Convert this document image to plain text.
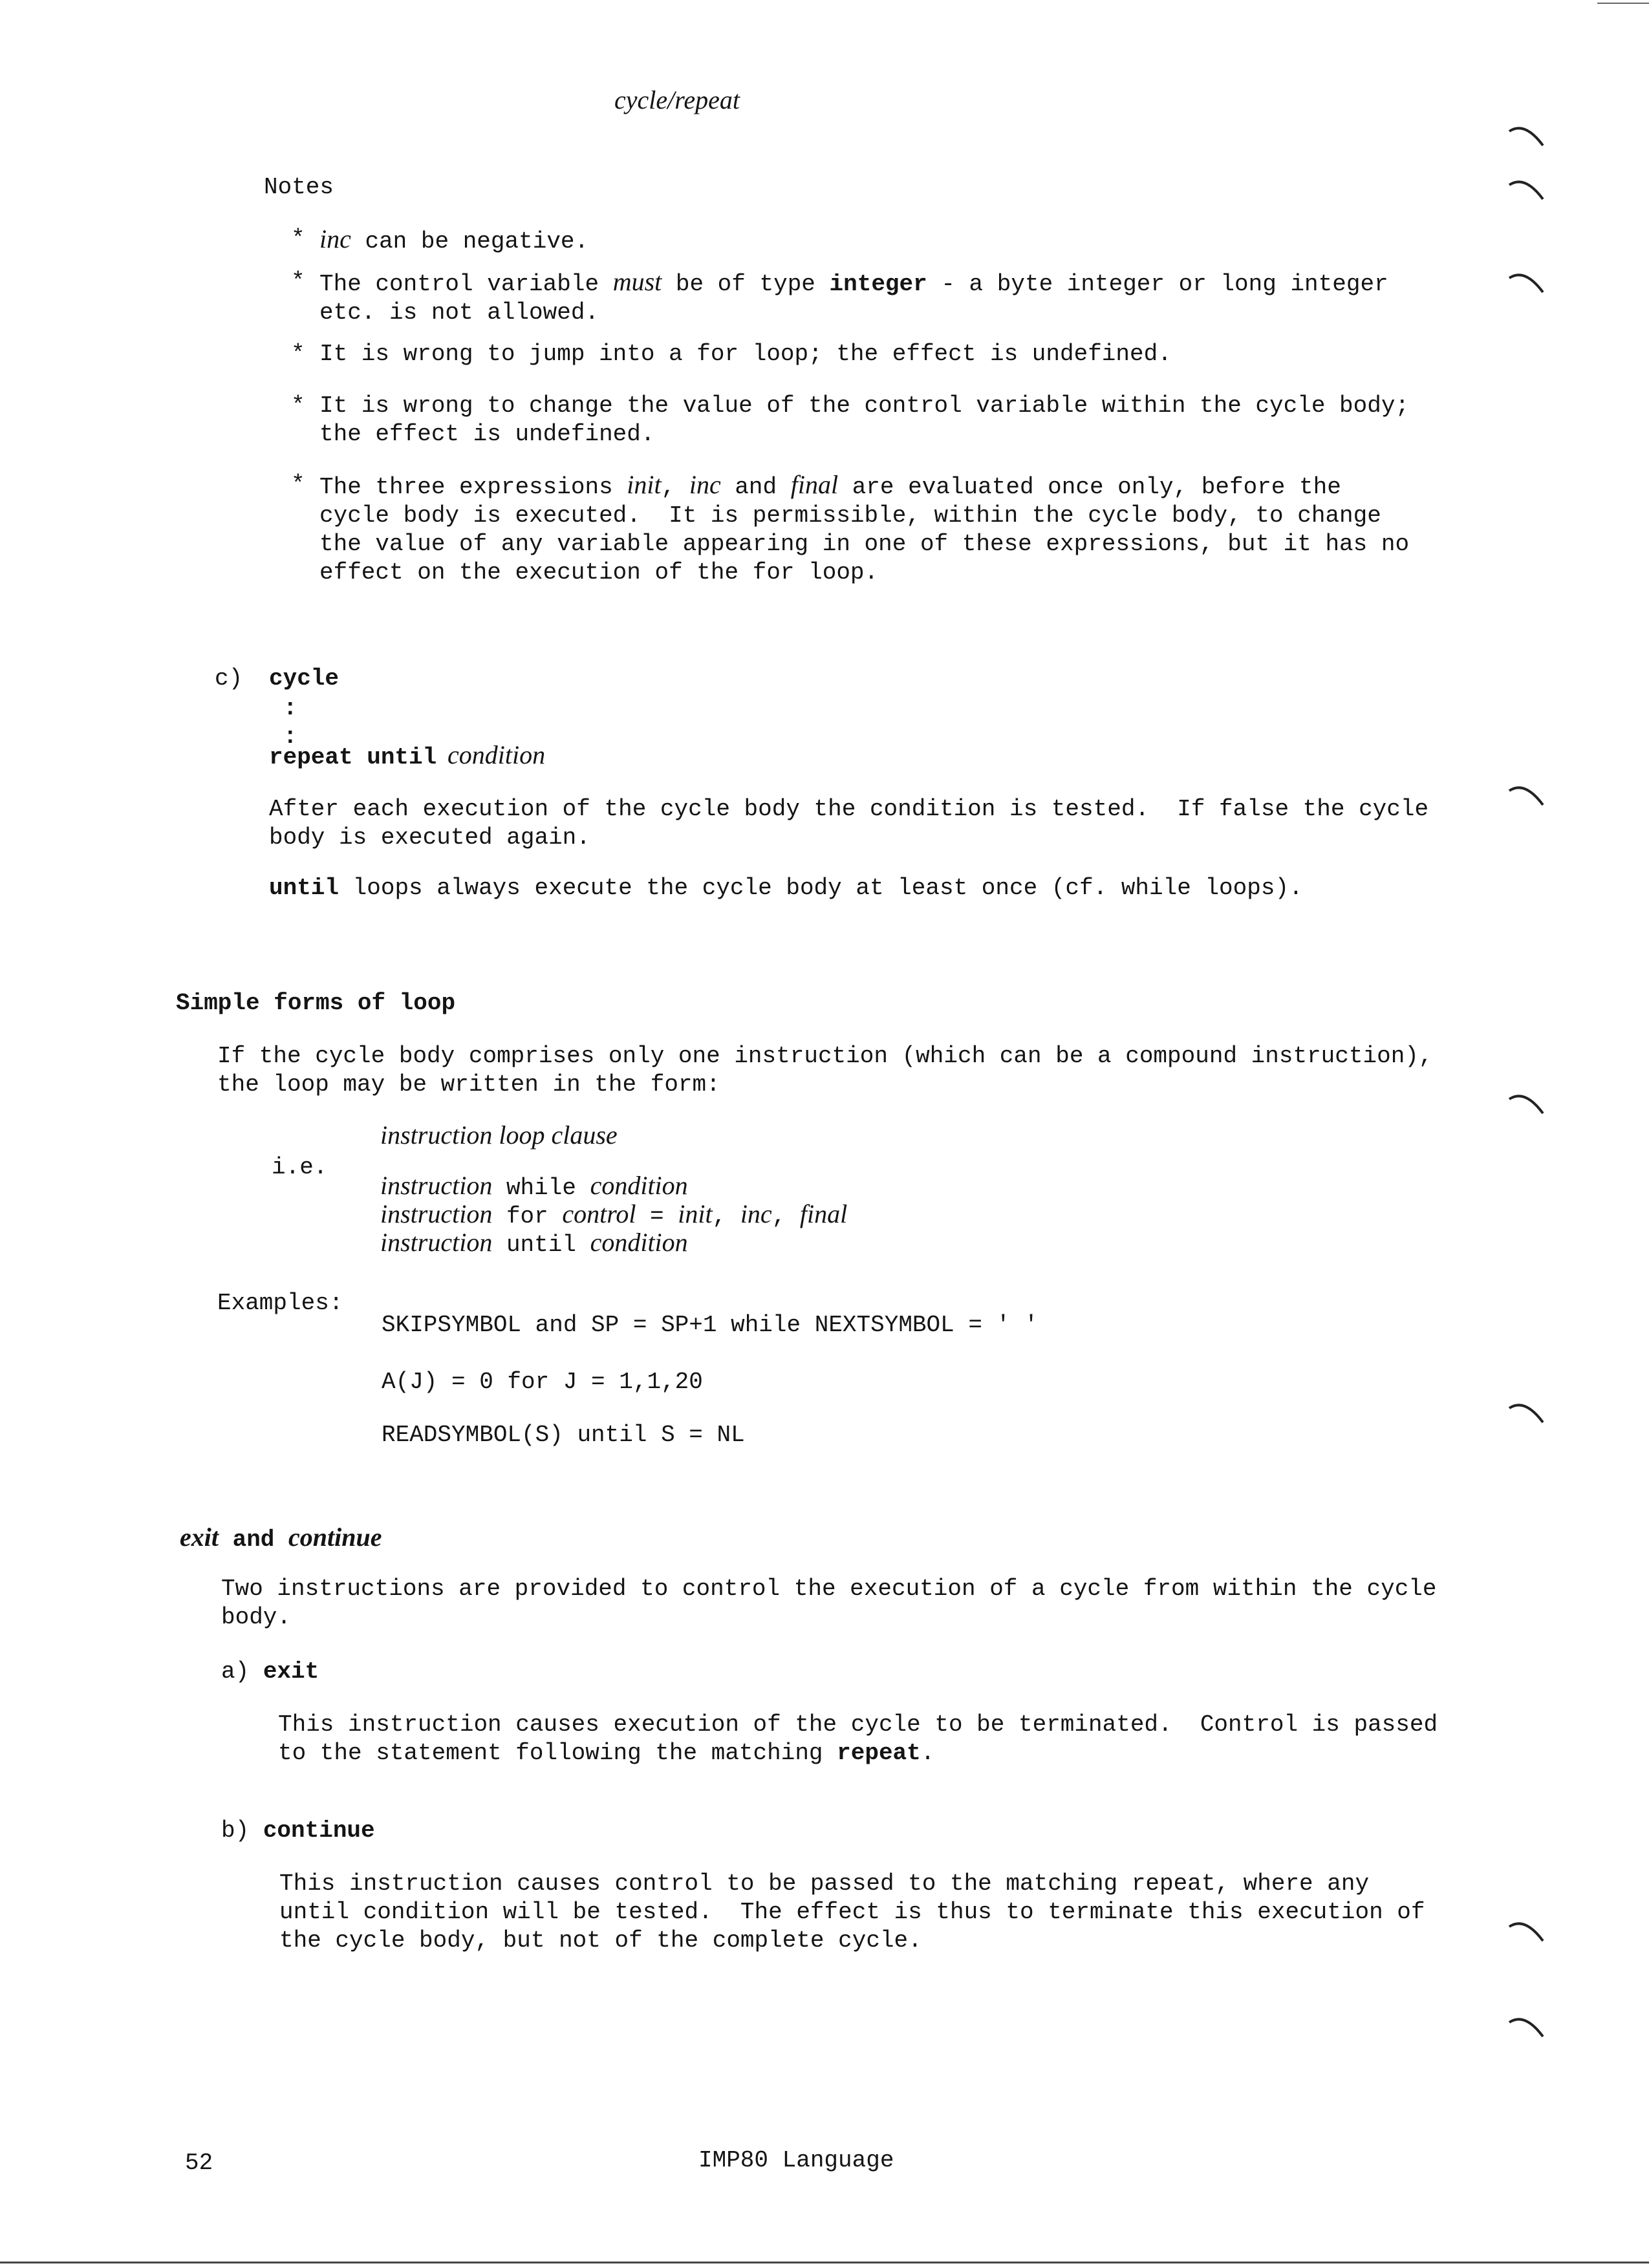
cycle/repeat
Notes
* inc can be negative.
* The control variable must be of type integer - a byte integer or long integer
etc. is not allowed.
* It is wrong to jump into a for loop; the effect is undefined.
* It is wrong to change the value of the control variable within the cycle body;
the effect is undefined.
* The three expressions init, inc and final are evaluated once only, before the
cycle body is executed.  It is permissible, within the cycle body, to change
the value of any variable appearing in one of these expressions, but it has no
effect on the execution of the for loop.
c) cycle
:
:
repeat until condition
After each execution of the cycle body the condition is tested.  If false the cycle
body is executed again.
until loops always execute the cycle body at least once (cf. while loops).
Simple forms of loop
If the cycle body comprises only one instruction (which can be a compound instruction),
the loop may be written in the form:
instruction loop clause
i.e.
instruction while condition
instruction for control = init, inc, final
instruction until condition
Examples:
SKIPSYMBOL and SP = SP+1 while NEXTSYMBOL = ' '
A(J) = 0 for J = 1,1,20
READSYMBOL(S) until S = NL
exit and continue
Two instructions are provided to control the execution of a cycle from within the cycle
body.
a) exit
This instruction causes execution of the cycle to be terminated.  Control is passed
to the statement following the matching repeat.
b) continue
This instruction causes control to be passed to the matching repeat, where any
until condition will be tested.  The effect is thus to terminate this execution of
the cycle body, but not of the complete cycle.
52	IMP80 Language
